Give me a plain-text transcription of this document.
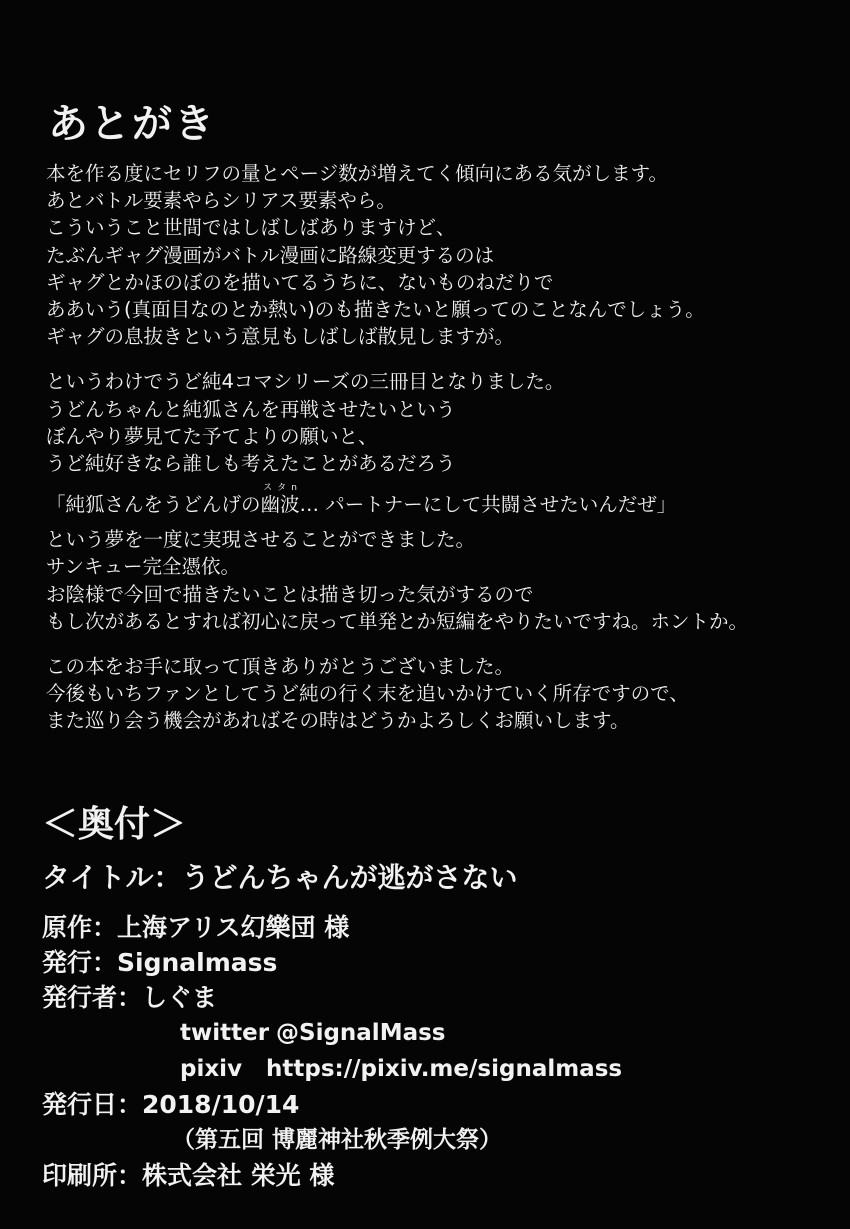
あとがき
本を作る度にセリフの量とページ数が増えてく傾向にある気がします。
あとバトル要素やらシリアス要素やら。
こういうこと世間ではしばしばありますけど、
たぶんギャグ漫画がバトル漫画に路線変更するのは
ギャグとかほのぼのを描いてるうちに、ないものねだりで
ああいう(真面目なのとか熱い)のも描きたいと願ってのことなんでしょう。
ギャグの息抜きという意見もしばしば散見しますが。
というわけでうど純4コマシリーズの三冊目となりました。
うどんちゃんと純狐さんを再戦させたいという
ぼんやり夢見てた予てよりの願いと、
うど純好きなら誰しも考えたことがあるだろう
「純狐さんをうどんげの幽波スタn… パートナーにして共闘させたいんだぜ」
という夢を一度に実現させることができました。
サンキュー完全憑依。
お陰様で今回で描きたいことは描き切った気がするので
もし次があるとすれば初心に戻って単発とか短編をやりたいですね。ホントか。
この本をお手に取って頂きありがとうございました。
今後もいちファンとしてうど純の行く末を追いかけていく所存ですので、
また巡り会う機会があればその時はどうかよろしくお願いします。
＜奥付＞
タイトル：うどんちゃんが逃がさない
原作：上海アリス幻樂団 様
発行：Signalmass
発行者：しぐま
twitter @SignalMass
pixiv https://pixiv.me/signalmass
発行日：2018/10/14
（第五回 博麗神社秋季例大祭）
印刷所：株式会社 栄光 様
